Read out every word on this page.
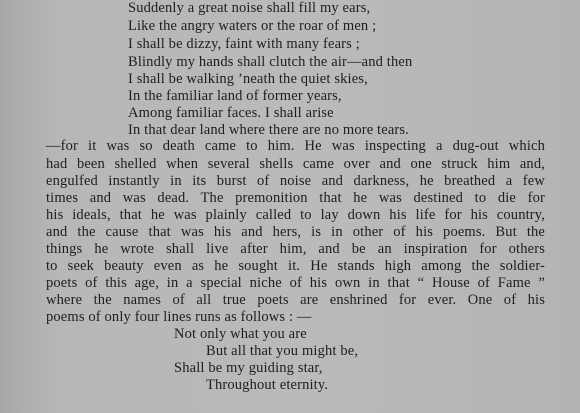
Suddenly a great noise shall fill my ears,
Like the angry waters or the roar of men ;
I shall be dizzy, faint with many fears ;
Blindly my hands shall clutch the air—and then
I shall be walking ’neath the quiet skies,
In the familiar land of former years,
Among familiar faces. I shall arise
In that dear land where there are no more tears.
—for it was so death came to him. He was inspecting a dug-out which
had been shelled when several shells came over and one struck him and,
engulfed instantly in its burst of noise and darkness, he breathed a few
times and was dead. The premonition that he was destined to die for
his ideals, that he was plainly called to lay down his life for his country,
and the cause that was his and hers, is in other of his poems. But the
things he wrote shall live after him, and be an inspiration for others
to seek beauty even as he sought it. He stands high among the soldier-
poets of this age, in a special niche of his own in that “ House of Fame ”
where the names of all true poets are enshrined for ever. One of his
poems of only four lines runs as follows : —
Not only what you are
But all that you might be,
Shall be my guiding star,
Throughout eternity.
